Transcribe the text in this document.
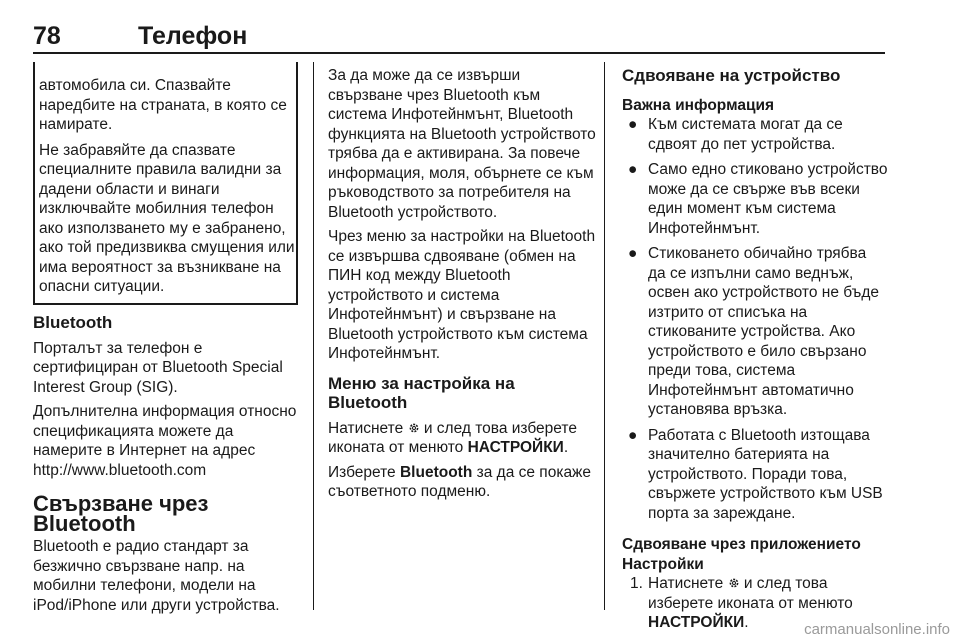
78	Телефон

автомобила си. Спазвайте наредбите на страната, в която се намирате.

Не забравяйте да спазвате специалните правила валидни за дадени области и винаги изключвайте мобилния телефон ако използването му е забранено, ако той предизвиква смущения или има вероятност за възникване на опасни ситуации.

Bluetooth

Порталът за телефон е сертифициран от Bluetooth Special Interest Group (SIG).

Допълнителна информация относно спецификацията можете да намерите в Интернет на адрес http://www.bluetooth.com

Свързване чрез Bluetooth

Bluetooth е радио стандарт за безжично свързване напр. на мобилни телефони, модели на iPod/iPhone или други устройства.

За да може да се извърши свързване чрез Bluetooth към система Инфотейнмънт, Bluetooth функцията на Bluetooth устройството трябва да е активирана. За повече информация, моля, обърнете се към ръководството за потребителя на Bluetooth устройството.

Чрез меню за настройки на Bluetooth се извършва сдвояване (обмен на ПИН код между Bluetooth устройството и система Инфотейнмънт) и свързване на Bluetooth устройството към система Инфотейнмънт.

Меню за настройка на Bluetooth

Натиснете и след това изберете иконата от менюто НАСТРОЙКИ.

Изберете Bluetooth за да се покаже съответното подменю.

Сдвояване на устройство
Важна информация
● Към системата могат да се сдвоят до пет устройства.
● Само едно стиковано устройство може да се свърже във всеки един момент към система Инфотейнмънт.
● Стиковането обичайно трябва да се изпълни само веднъж, освен ако устройството не бъде изтрито от списъка на стикованите устройства. Ако устройството е било свързано преди това, система Инфотейнмънт автоматично установява връзка.
● Работата с Bluetooth изтощава значително батерията на устройството. Поради това, свържете устройството към USB порта за зареждане.
Сдвояване чрез приложението Настройки
1. Натиснете и след това изберете иконата от менюто НАСТРОЙКИ.	carmanualsonline.info
